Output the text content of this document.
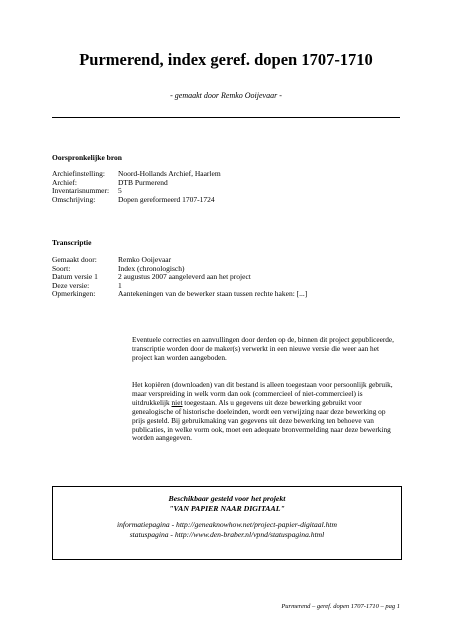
Purmerend, index geref. dopen 1707-1710
- gemaakt door Remko Ooijevaar -
Oorspronkelijke bron
Archiefinstelling:	Noord-Hollands Archief, Haarlem
Archief:	DTB Purmerend
Inventarisnummer:	5
Omschrijving:	Dopen gereformeerd 1707-1724
Transcriptie
Gemaakt door:	Remko Ooijevaar
Soort:	Index (chronologisch)
Datum versie 1	2 augustus 2007 aangeleverd aan het project
Deze versie:	1
Opmerkingen:	Aantekeningen van de bewerker staan tussen rechte haken: [...]
Eventuele correcties en aanvullingen door derden op de, binnen dit project gepubliceerde, transcriptie worden door de maker(s) verwerkt in een nieuwe versie die weer aan het project kan worden aangeboden.
Het kopiëren (downloaden) van dit bestand is alleen toegestaan voor persoonlijk gebruik, maar verspreiding in welk vorm dan ook (commercieel of niet-commercieel) is uitdrukkelijk niet toegestaan. Als u gegevens uit deze bewerking gebruikt voor genealogische of historische doeleinden, wordt een verwijzing naar deze bewerking op prijs gesteld. Bij gebruikmaking van gegevens uit deze bewerking ten behoeve van publicaties, in welke vorm ook, moet een adequate bronvermelding naar deze bewerking worden aangegeven.
Beschikbaar gesteld voor het projekt
"VAN PAPIER NAAR DIGITAAL"
informatiepagina - http://geneaknowhow.net/project-papier-digitaal.htm
statuspagina - http://www.den-braber.nl/vpnd/statuspagina.html
Purmerend – geref. dopen 1707-1710 – pag 1
